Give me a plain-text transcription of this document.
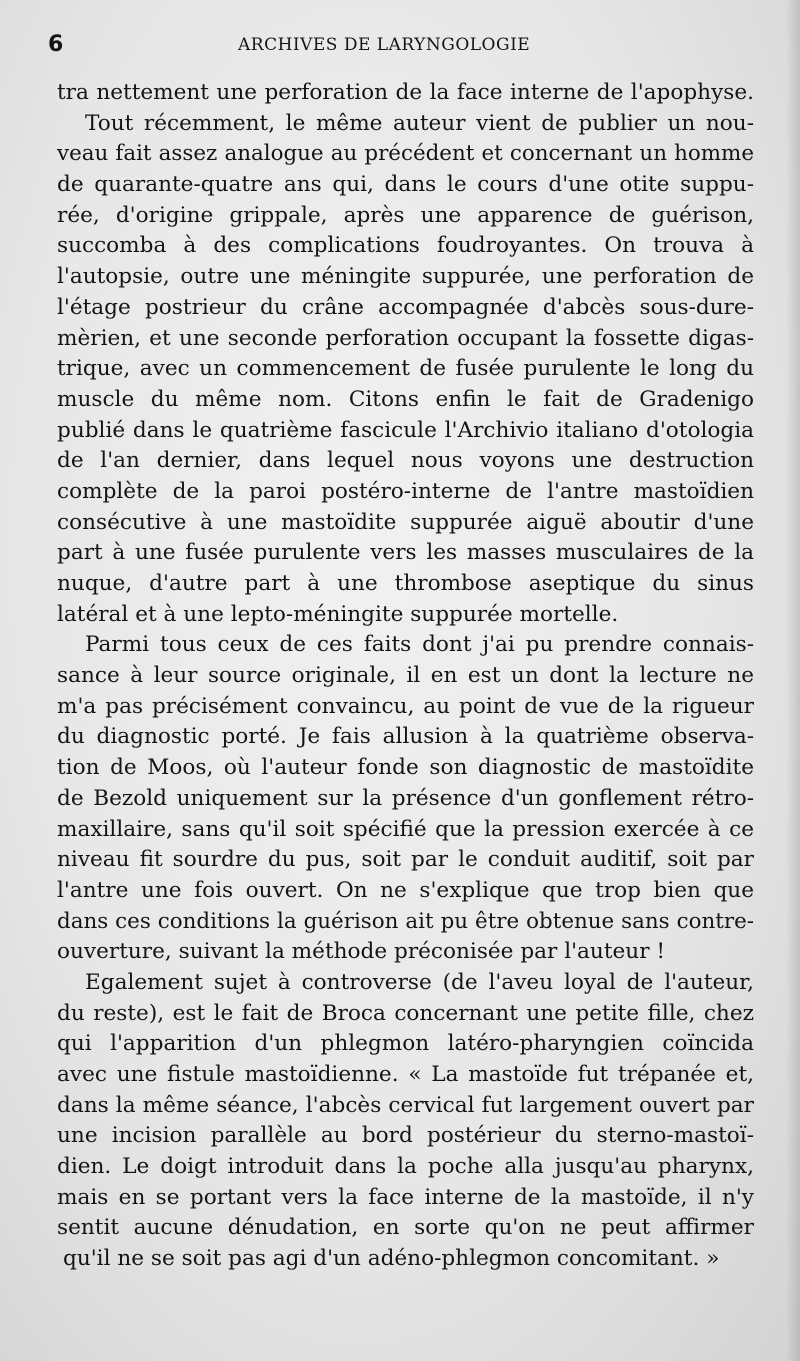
6	ARCHIVES DE LARYNGOLOGIE
tra nettement une perforation de la face interne de l'apophyse.
Tout récemment, le même auteur vient de publier un nou-
veau fait assez analogue au précédent et concernant un homme
de quarante-quatre ans qui, dans le cours d'une otite suppu-
rée, d'origine grippale, après une apparence de guérison,
succomba à des complications foudroyantes. On trouva à
l'autopsie, outre une méningite suppurée, une perforation de
l'étage postrieur du crâne accompagnée d'abcès sous-dure-
mèrien, et une seconde perforation occupant la fossette digas-
trique, avec un commencement de fusée purulente le long du
muscle du même nom. Citons enfin le fait de Gradenigo
publié dans le quatrième fascicule l'Archivio italiano d'otologia
de l'an dernier, dans lequel nous voyons une destruction
complète de la paroi postéro-interne de l'antre mastoïdien
consécutive à une mastoïdite suppurée aiguë aboutir d'une
part à une fusée purulente vers les masses musculaires de la
nuque, d'autre part à une thrombose aseptique du sinus
latéral et à une lepto-méningite suppurée mortelle.
Parmi tous ceux de ces faits dont j'ai pu prendre connais-
sance à leur source originale, il en est un dont la lecture ne
m'a pas précisément convaincu, au point de vue de la rigueur
du diagnostic porté. Je fais allusion à la quatrième observa-
tion de Moos, où l'auteur fonde son diagnostic de mastoïdite
de Bezold uniquement sur la présence d'un gonflement rétro-
maxillaire, sans qu'il soit spécifié que la pression exercée à ce
niveau fit sourdre du pus, soit par le conduit auditif, soit par
l'antre une fois ouvert. On ne s'explique que trop bien que
dans ces conditions la guérison ait pu être obtenue sans contre-
ouverture, suivant la méthode préconisée par l'auteur !
Egalement sujet à controverse (de l'aveu loyal de l'auteur,
du reste), est le fait de Broca concernant une petite fille, chez
qui l'apparition d'un phlegmon latéro-pharyngien coïncida
avec une fistule mastoïdienne. « La mastoïde fut trépanée et,
dans la même séance, l'abcès cervical fut largement ouvert par
une incision parallèle au bord postérieur du sterno-mastoï-
dien. Le doigt introduit dans la poche alla jusqu'au pharynx,
mais en se portant vers la face interne de la mastoïde, il n'y
sentit aucune dénudation, en sorte qu'on ne peut affirmer
qu'il ne se soit pas agi d'un adéno-phlegmon concomitant. »
